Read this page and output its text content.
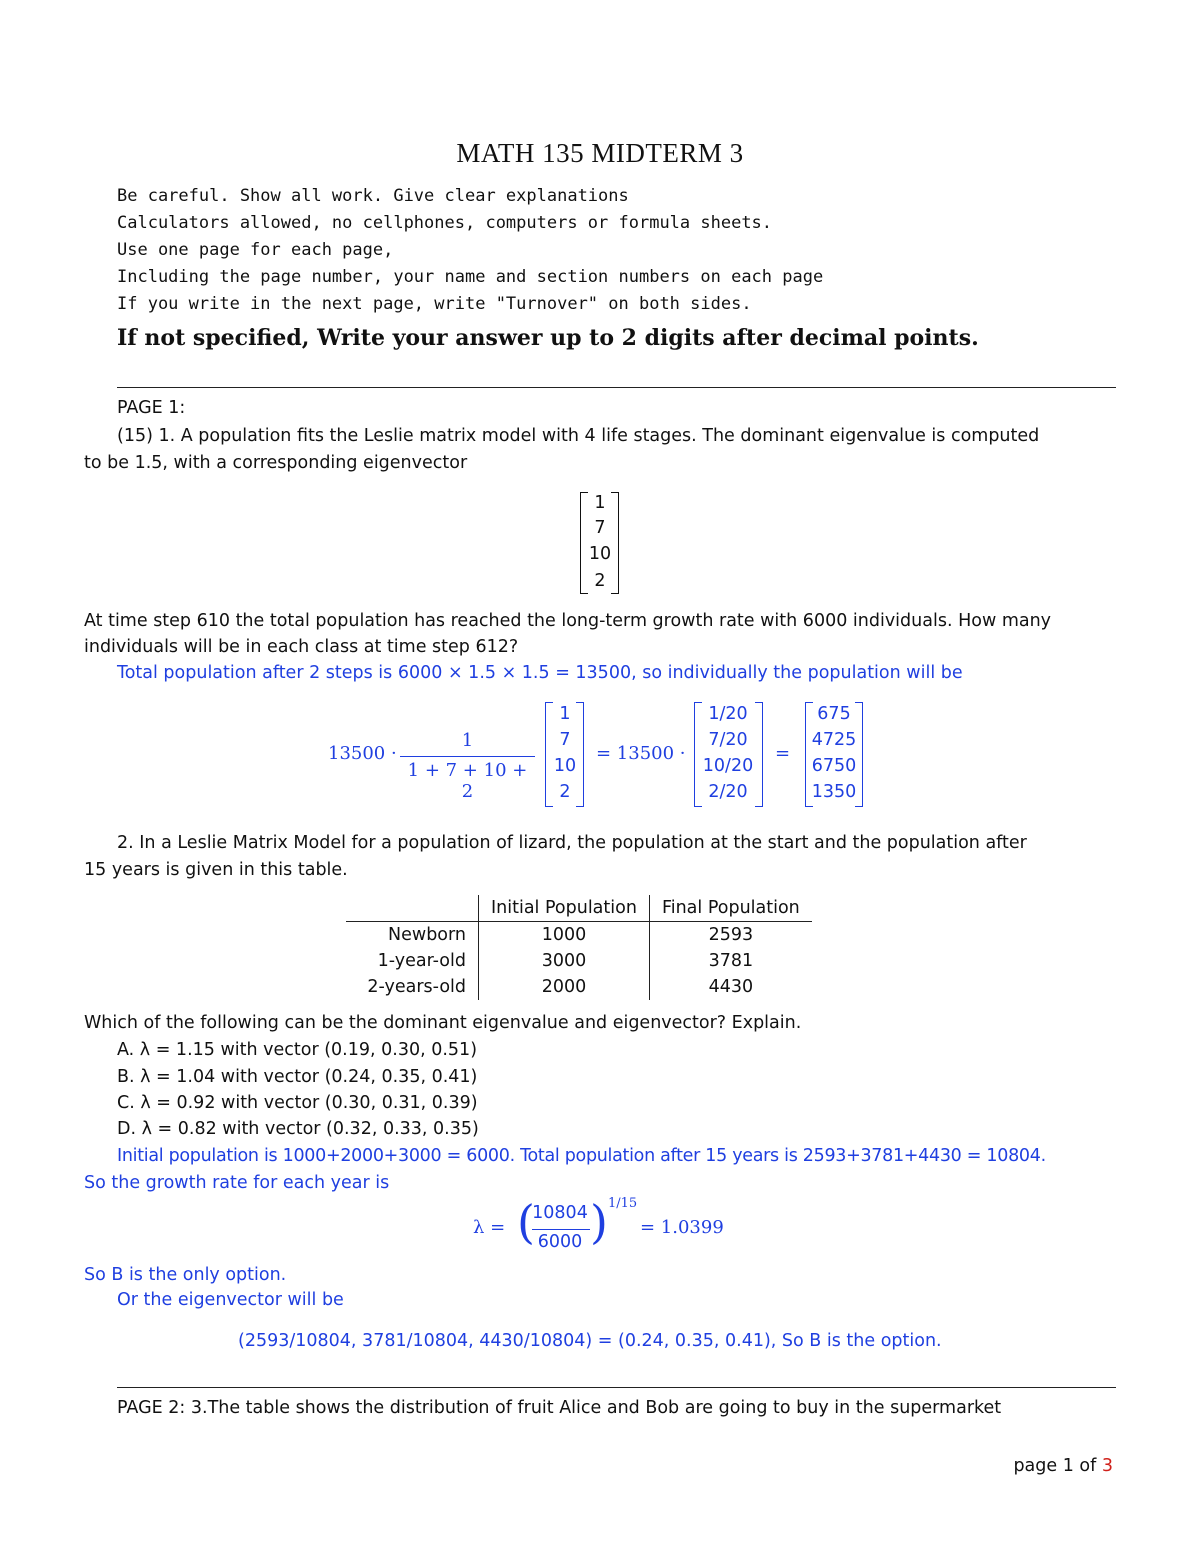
MATH 135 MIDTERM 3
Be careful. Show all work. Give clear explanations
Calculators allowed, no cellphones, computers or formula sheets.
Use one page for each page,
Including the page number, your name and section numbers on each page
If you write in the next page, write "Turnover" on both sides.
If not specified, Write your answer up to 2 digits after decimal points.
PAGE 1:
(15) 1. A population fits the Leslie matrix model with 4 life stages. The dominant eigenvalue is computed
to be 1.5, with a corresponding eigenvector
1
7
10
2
At time step 610 the total population has reached the long-term growth rate with 6000 individuals. How many
individuals will be in each class at time step 612?
Total population after 2 steps is 6000 × 1.5 × 1.5 = 13500, so individually the population will be
13500 ·
1
1 + 7 + 10 + 2
1
7
10
2
= 13500 ·
1/20
7/20
10/20
2/20
=
675
4725
6750
1350
2. In a Leslie Matrix Model for a population of lizard, the population at the start and the population after
15 years is given in this table.
	Initial Population	Final Population
Newborn	1000	2593
1-year-old	3000	3781
2-years-old	2000	4430
Which of the following can be the dominant eigenvalue and eigenvector? Explain.
A. λ = 1.15 with vector (0.19, 0.30, 0.51)
B. λ = 1.04 with vector (0.24, 0.35, 0.41)
C. λ = 0.92 with vector (0.30, 0.31, 0.39)
D. λ = 0.82 with vector (0.32, 0.33, 0.35)
Initial population is 1000+2000+3000 = 6000. Total population after 15 years is 2593+3781+4430 = 10804.
So the growth rate for each year is
λ = (
10804
6000 ) 1/15
= 1.0399
So B is the only option.
Or the eigenvector will be
(2593/10804, 3781/10804, 4430/10804) = (0.24, 0.35, 0.41), So B is the option.
PAGE 2: 3.The table shows the distribution of fruit Alice and Bob are going to buy in the supermarket
page 1 of 3
